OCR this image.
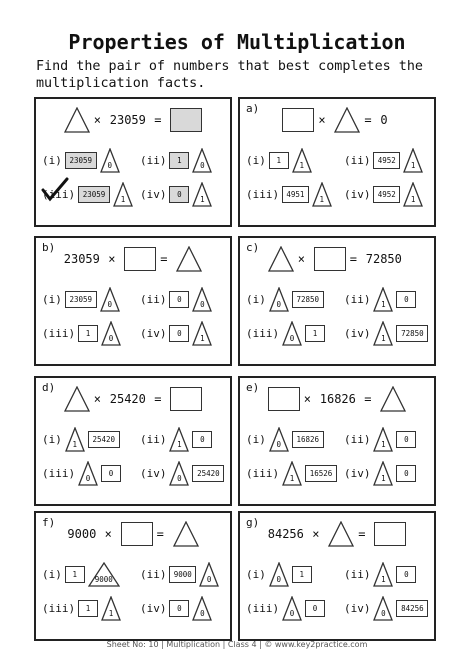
Properties of Multiplication
Find the pair of numbers that best completes the
multiplication facts.
× 23059 =
(i)	23059
0	(ii)	1
0
(iii)	23059
1	(iv)	0
1
a)
×	= 0
(i)	1
1	(ii) 4952
1
(iii) 4951
1	(iv) 4952
1
b)
23059 ×	=
(i)	23059
0	(ii)	0
0
(iii)	1
0	(iv)	0
1
c)
×	= 72850
(i)	0
72850	(ii)	1
0
(iii)	0
1	(iv)	1
72850
d)
× 25420 =
(i)	1
25420	(ii)	1
0
(iii)	0
0	(iv)	0
25420
e)
× 16826 =
(i)	0
16826	(ii)	1
0
(iii)	1
16526	(iv)	1
0
f)
9000 ×	=
(i)	1
9000	(ii) 9000
0
(iii)	1
1	(iv)	0
0
g)
84256 ×	=
(i)	0
1	(ii)	1
0
(iii)	0
0	(iv)	0
84256
Sheet No: 10 | Multiplication | Class 4 | © www.key2practice.com
